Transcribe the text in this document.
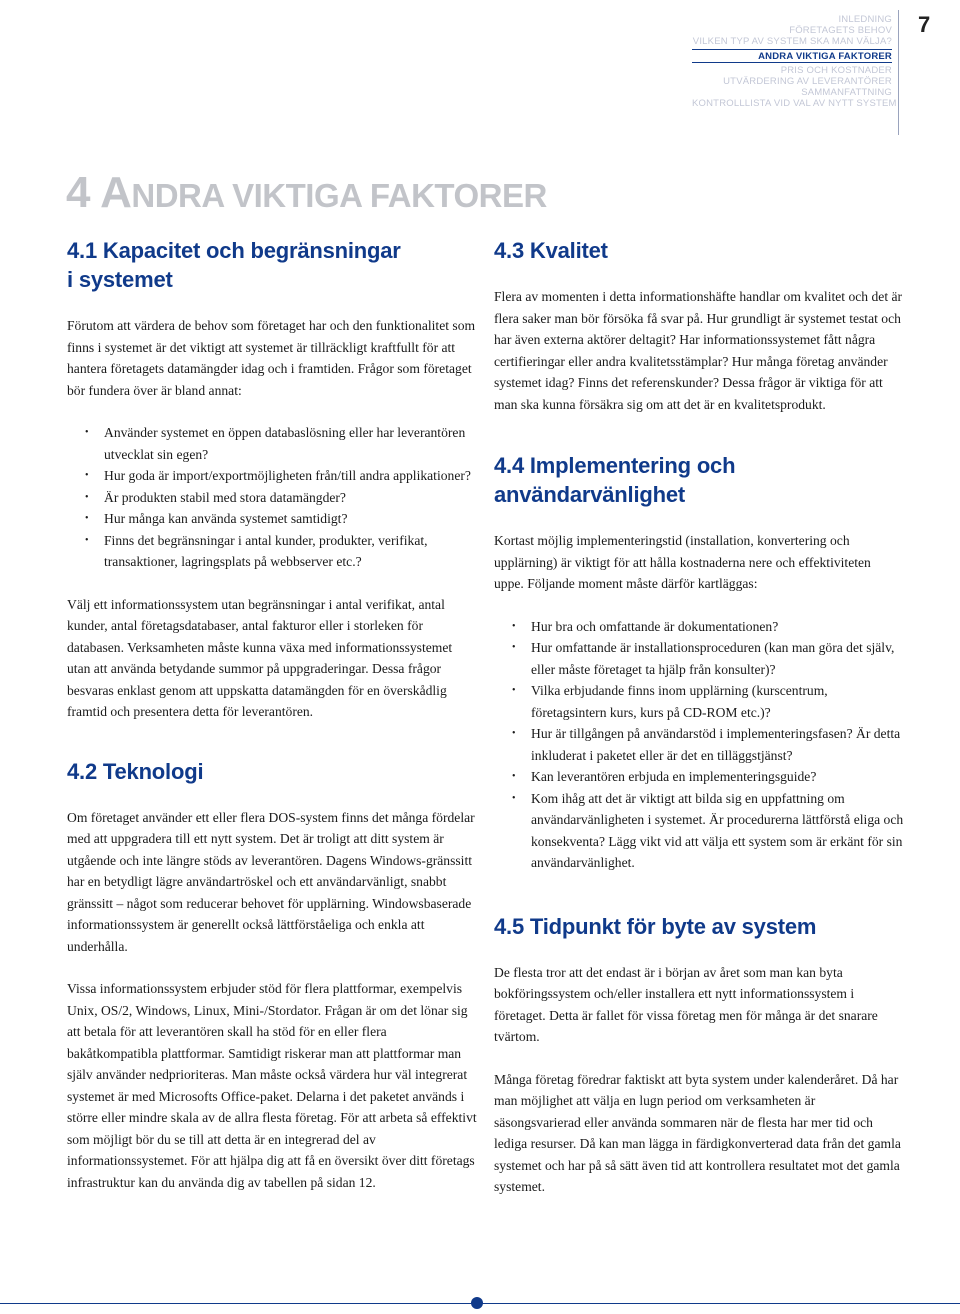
INLEDNING
FÖRETAGETS BEHOV
VILKEN TYP AV SYSTEM SKA MAN VÄLJA?
ANDRA VIKTIGA FAKTORER
PRIS OCH KOSTNADER
UTVÄRDERING AV LEVERANTÖRER
SAMMANFATTNING
KONTROLLLISTA VID VAL AV NYTT SYSTEM
7
4 ANDRA VIKTIGA FAKTORER
4.1 Kapacitet och begränsningar
i systemet

Förutom att värdera de behov som företaget har och den funktionalitet som finns i systemet är det viktigt att systemet är tillräckligt kraftfullt för att hantera företagets datamängder idag och i framtiden. Frågor som företaget bör fundera över är bland annat:

• Använder systemet en öppen databaslösning eller har leverantören utvecklat sin egen?
• Hur goda är import/exportmöjligheten från/till andra applikationer?
• Är produkten stabil med stora datamängder?
• Hur många kan använda systemet samtidigt?
• Finns det begränsningar i antal kunder, produkter, verifikat, transaktioner, lagringsplats på webbserver etc.?

Välj ett informationssystem utan begränsningar i antal verifikat, antal kunder, antal företagsdatabaser, antal fakturor eller i storleken för databasen. Verksamheten måste kunna växa med informationssystemet utan att använda betydande summor på uppgraderingar. Dessa frågor besvaras enklast genom att uppskatta datamängden för en överskådlig framtid och presentera detta för leverantören.

4.2 Teknologi

Om företaget använder ett eller flera DOS-system finns det många fördelar med att uppgradera till ett nytt system. Det är troligt att ditt system är utgående och inte längre stöds av leverantören. Dagens Windows-gränssitt har en betydligt lägre användartröskel och ett användarvänligt, snabbt gränssitt – något som reducerar behovet för upplärning. Windowsbaserade informationssystem är generellt också lättförståeliga och enkla att underhålla.

Vissa informationssystem erbjuder stöd för flera plattformar, exempelvis Unix, OS/2, Windows, Linux, Mini-/Stordator. Frågan är om det lönar sig att betala för att leverantören skall ha stöd för en eller flera bakåtkompatibla plattformar. Samtidigt riskerar man att plattformar man själv använder nedprioriteras. Man måste också värdera hur väl integrerat systemet är med Microsofts Office-paket. Delarna i det paketet används i större eller mindre skala av de allra flesta företag. För att arbeta så effektivt som möjligt bör du se till att detta är en integrerad del av informationssystemet. För att hjälpa dig att få en översikt över ditt företags infrastruktur kan du använda dig av tabellen på sidan 12.

4.3 Kvalitet

Flera av momenten i detta informationshäfte handlar om kvalitet och det är flera saker man bör försöka få svar på. Hur grundligt är systemet testat och har även externa aktörer deltagit? Har informationssystemet fått några certifieringar eller andra kvalitetsstämplar? Hur många företag använder systemet idag? Finns det referenskunder? Dessa frågor är viktiga för att man ska kunna försäkra sig om att det är en kvalitetsprodukt.

4.4 Implementering och
användarvänlighet

Kortast möjlig implementeringstid (installation, konvertering och upplärning) är viktigt för att hålla kostnaderna nere och effektiviteten uppe. Följande moment måste därför kartläggas:

• Hur bra och omfattande är dokumentationen?
• Hur omfattande är installationsproceduren (kan man göra det själv, eller måste företaget ta hjälp från konsulter)?
• Vilka erbjudande finns inom upplärning (kurscentrum, företagsintern kurs, kurs på CD-ROM etc.)?
• Hur är tillgången på användarstöd i implementeringsfasen? Är detta inkluderat i paketet eller är det en tilläggstjänst?
• Kan leverantören erbjuda en implementeringsguide?
• Kom ihåg att det är viktigt att bilda sig en uppfattning om användarvänligheten i systemet. Är procedurerna lättförstå eliga och konsekventa? Lägg vikt vid att välja ett system som är erkänt för sin användarvänlighet.
4.5 Tidpunkt för byte av system

De flesta tror att det endast är i början av året som man kan byta bokföringssystem och/eller installera ett nytt informationssystem i företaget. Detta är fallet för vissa företag men för många är det snarare tvärtom.

Många företag föredrar faktiskt att byta system under kalenderåret. Då har man möjlighet att välja en lugn period om verksamheten är säsongsvarierad eller använda sommaren när de flesta har mer tid och lediga resurser. Då kan man lägga in färdigkonverterad data från det gamla systemet och har på så sätt även tid att kontrollera resultatet mot det gamla systemet.
